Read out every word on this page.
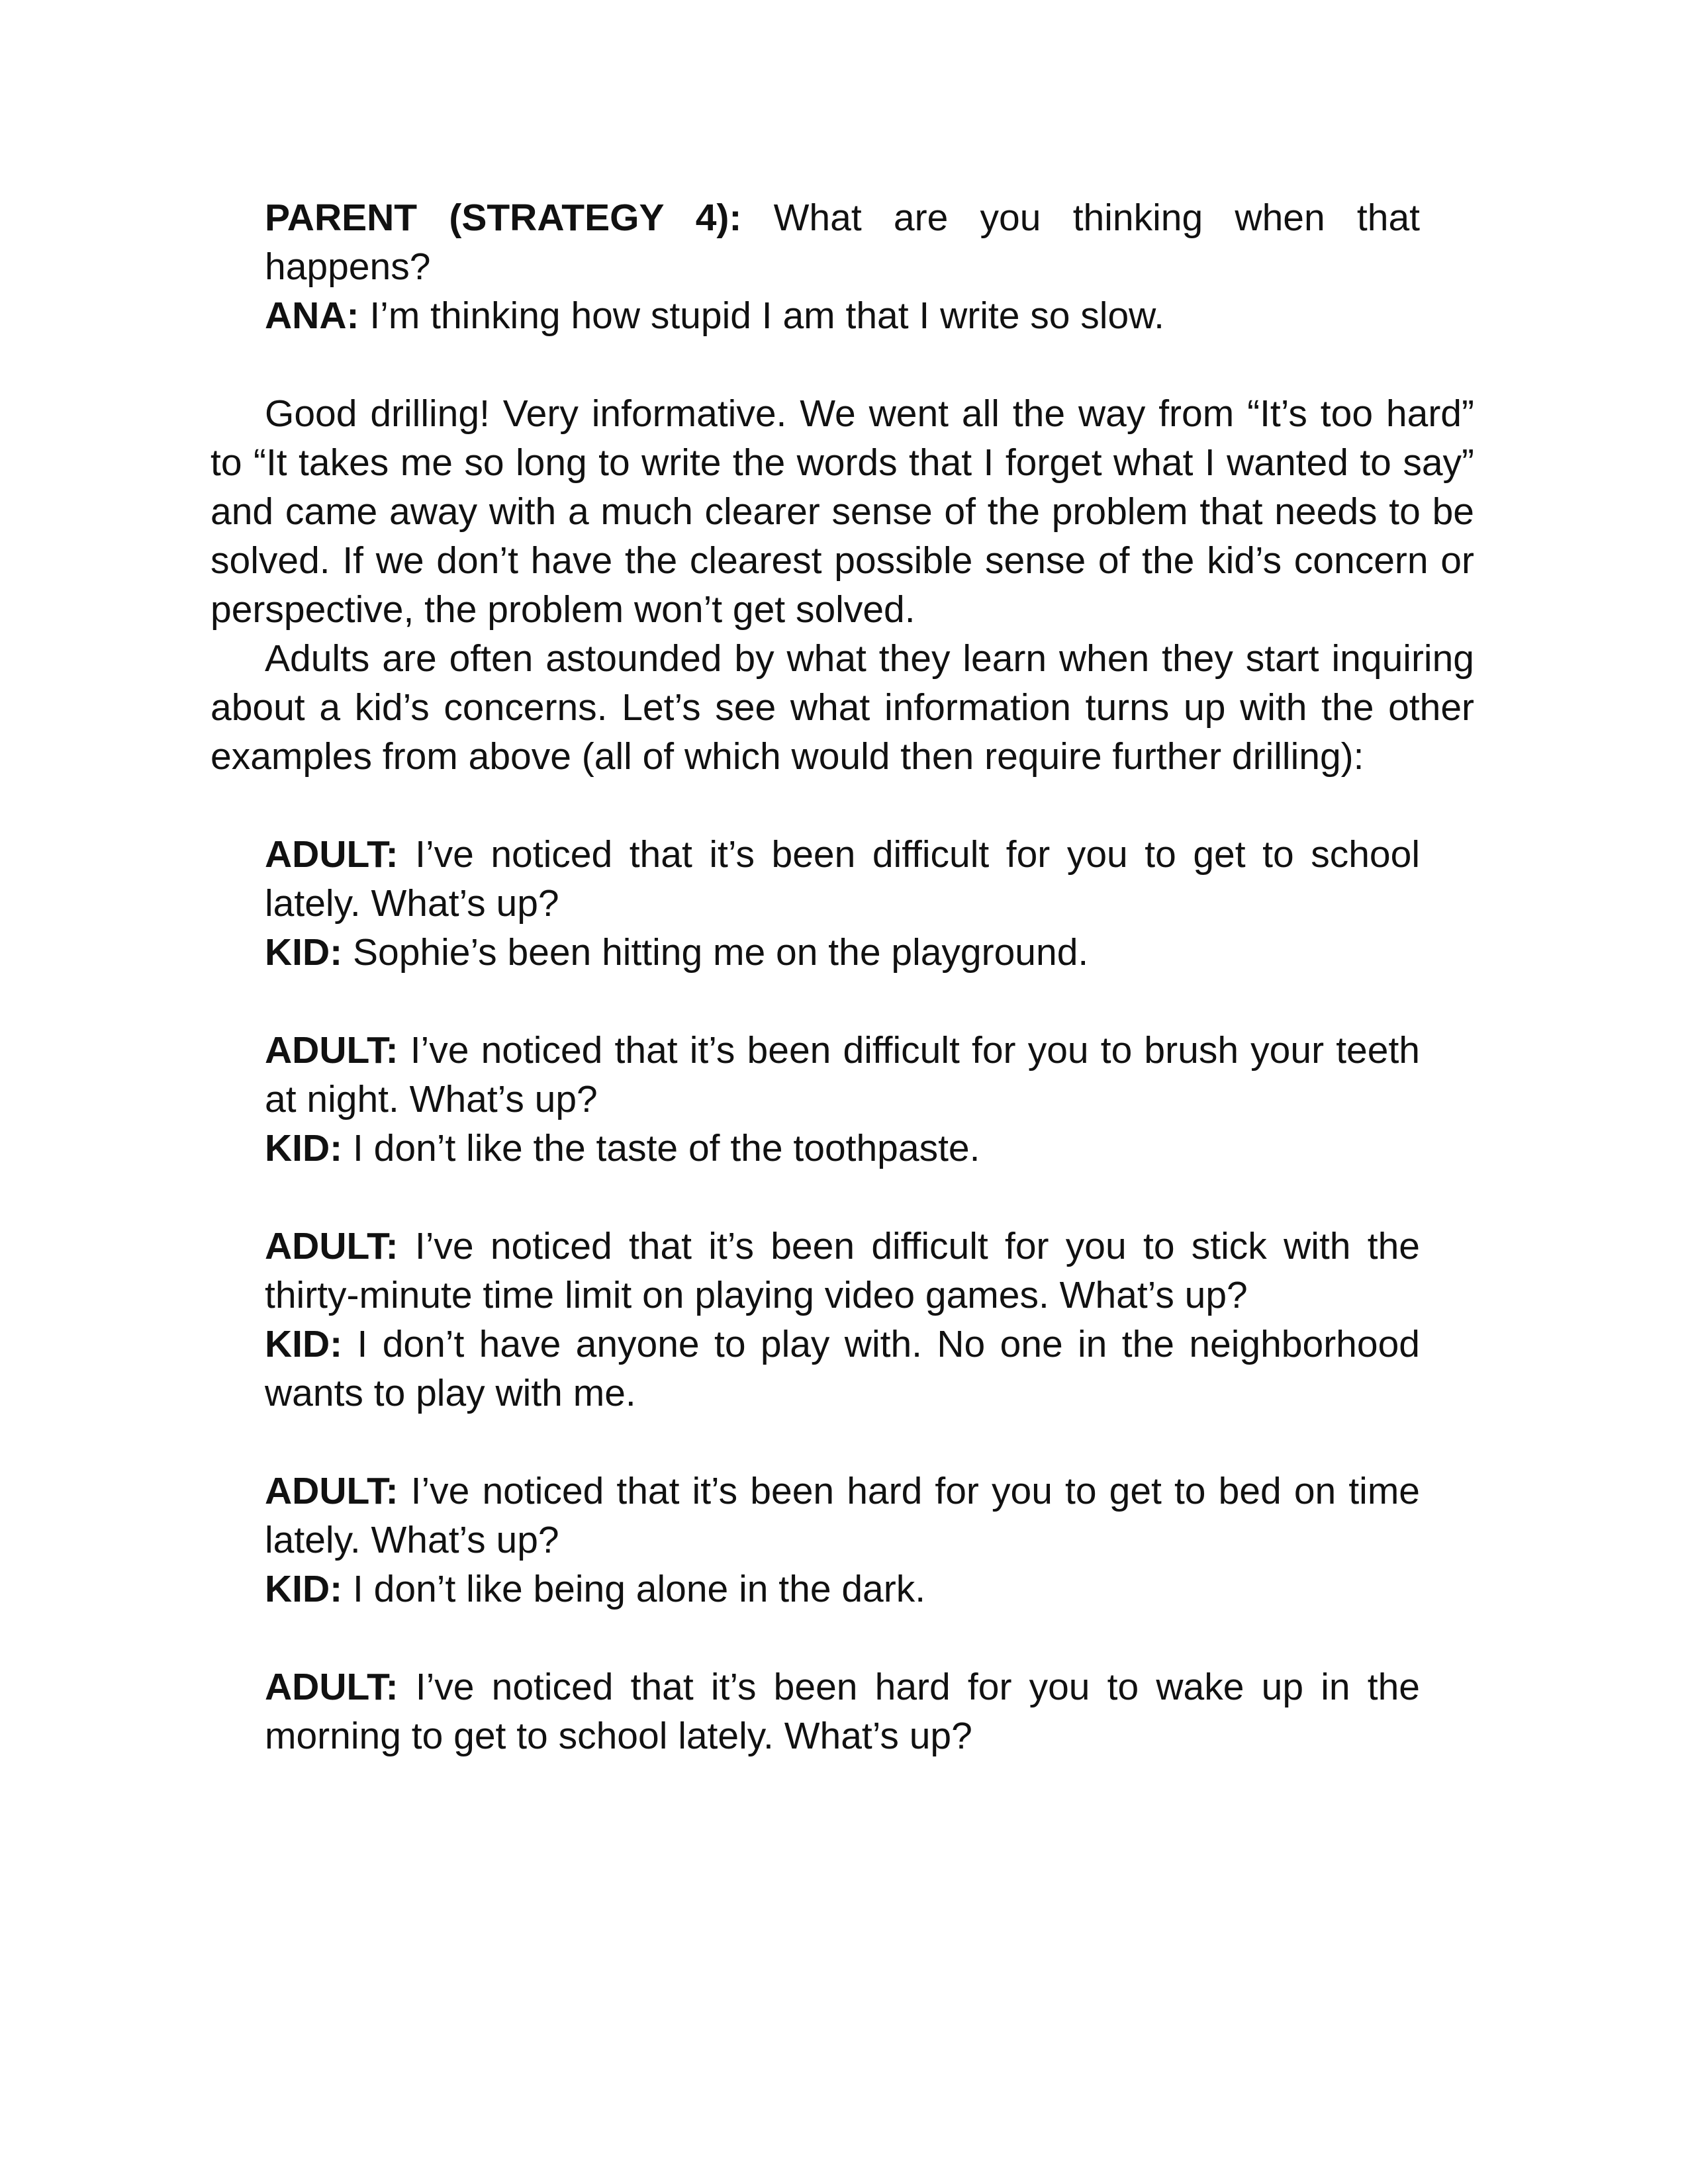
PARENT (STRATEGY 4): What are you thinking when that happens?

ANA: I’m thinking how stupid I am that I write so slow.

Good drilling! Very informative. We went all the way from “It’s too hard” to “It takes me so long to write the words that I forget what I wanted to say” and came away with a much clearer sense of the problem that needs to be solved. If we don’t have the clearest possible sense of the kid’s concern or perspective, the problem won’t get solved.

Adults are often astounded by what they learn when they start inquiring about a kid’s concerns. Let’s see what information turns up with the other examples from above (all of which would then require further drilling):

ADULT: I’ve noticed that it’s been difficult for you to get to school lately. What’s up?

KID: Sophie’s been hitting me on the playground.

ADULT: I’ve noticed that it’s been difficult for you to brush your teeth at night. What’s up?

KID: I don’t like the taste of the toothpaste.

ADULT: I’ve noticed that it’s been difficult for you to stick with the thirty-minute time limit on playing video games. What’s up?

KID: I don’t have anyone to play with. No one in the neighborhood wants to play with me.

ADULT: I’ve noticed that it’s been hard for you to get to bed on time lately. What’s up?

KID: I don’t like being alone in the dark.

ADULT: I’ve noticed that it’s been hard for you to wake up in the morning to get to school lately. What’s up?
